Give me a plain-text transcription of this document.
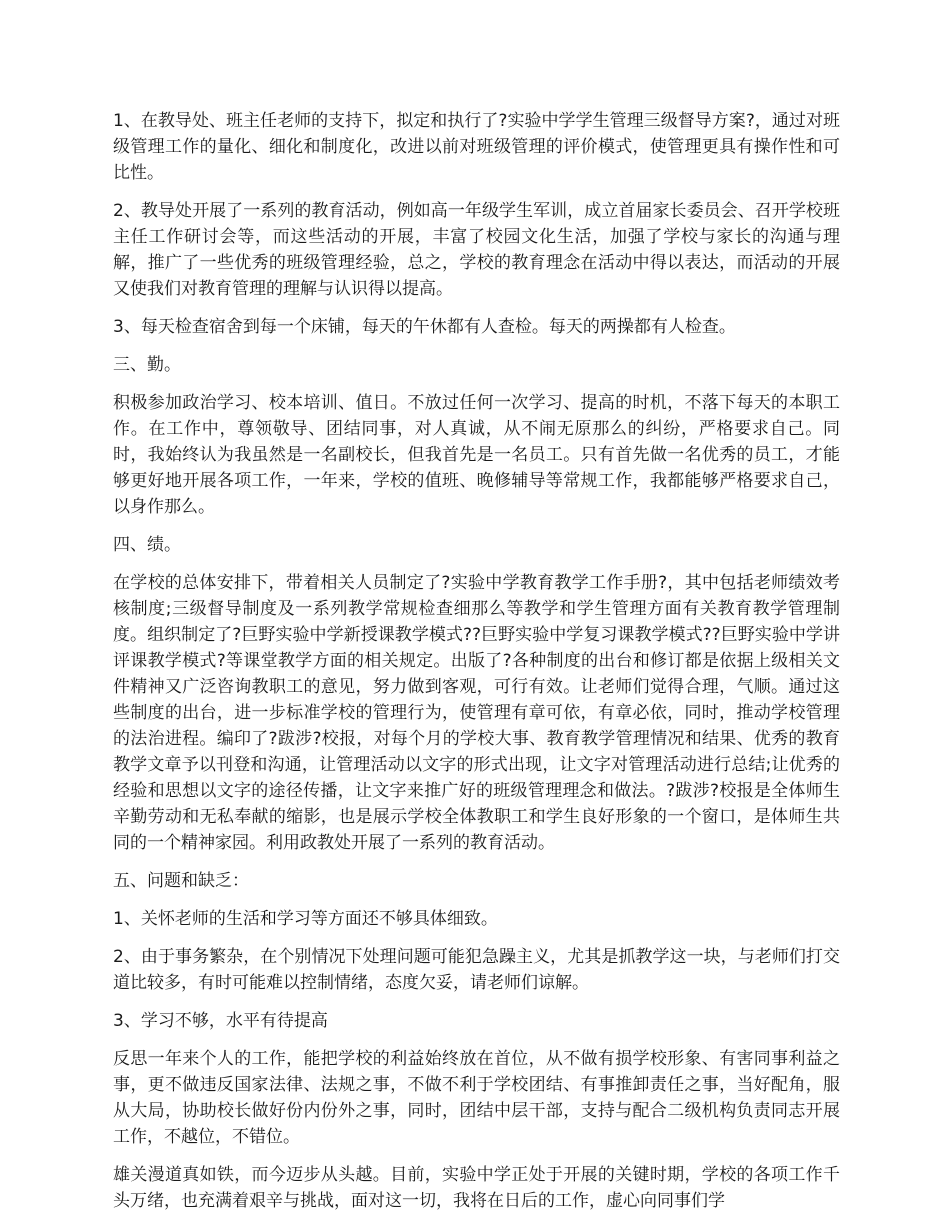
1、在教导处、班主任老师的支持下，拟定和执行了?实验中学学生管理三级督导方案?，通过对班级管理工作的量化、细化和制度化，改进以前对班级管理的评价模式，使管理更具有操作性和可比性。

2、教导处开展了一系列的教育活动，例如高一年级学生军训，成立首届家长委员会、召开学校班主任工作研讨会等，而这些活动的开展，丰富了校园文化生活，加强了学校与家长的沟通与理解，推广了一些优秀的班级管理经验，总之，学校的教育理念在活动中得以表达，而活动的开展又使我们对教育管理的理解与认识得以提高。

3、每天检查宿舍到每一个床铺，每天的午休都有人查检。每天的两操都有人检查。

三、勤。

积极参加政治学习、校本培训、值日。不放过任何一次学习、提高的时机，不落下每天的本职工作。在工作中，尊领敬导、团结同事，对人真诚，从不闹无原那么的纠纷，严格要求自己。同时，我始终认为我虽然是一名副校长，但我首先是一名员工。只有首先做一名优秀的员工，才能够更好地开展各项工作，一年来，学校的值班、晚修辅导等常规工作，我都能够严格要求自己，以身作那么。

四、绩。

在学校的总体安排下，带着相关人员制定了?实验中学教育教学工作手册?，其中包括老师绩效考核制度;三级督导制度及一系列教学常规检查细那么等教学和学生管理方面有关教育教学管理制度。组织制定了?巨野实验中学新授课教学模式??巨野实验中学复习课教学模式??巨野实验中学讲评课教学模式?等课堂教学方面的相关规定。出版了?各种制度的出台和修订都是依据上级相关文件精神又广泛咨询教职工的意见，努力做到客观，可行有效。让老师们觉得合理，气顺。通过这些制度的出台，进一步标准学校的管理行为，使管理有章可依，有章必依，同时，推动学校管理的法治进程。编印了?跋涉?校报，对每个月的学校大事、教育教学管理情况和结果、优秀的教育教学文章予以刊登和沟通，让管理活动以文字的形式出现，让文字对管理活动进行总结;让优秀的经验和思想以文字的途径传播，让文字来推广好的班级管理理念和做法。?跋涉?校报是全体师生辛勤劳动和无私奉献的缩影，也是展示学校全体教职工和学生良好形象的一个窗口，是体师生共同的一个精神家园。利用政教处开展了一系列的教育活动。

五、问题和缺乏：

1、关怀老师的生活和学习等方面还不够具体细致。

2、由于事务繁杂，在个别情况下处理问题可能犯急躁主义，尤其是抓教学这一块，与老师们打交道比较多，有时可能难以控制情绪，态度欠妥，请老师们谅解。

3、学习不够，水平有待提高

反思一年来个人的工作，能把学校的利益始终放在首位，从不做有损学校形象、有害同事利益之事，更不做违反国家法律、法规之事，不做不利于学校团结、有事推卸责任之事，当好配角，服从大局，协助校长做好份内份外之事，同时，团结中层干部，支持与配合二级机构负责同志开展工作，不越位，不错位。

雄关漫道真如铁，而今迈步从头越。目前，实验中学正处于开展的关键时期，学校的各项工作千头万绪，也充满着艰辛与挑战，面对这一切，我将在日后的工作，虚心向同事们学
